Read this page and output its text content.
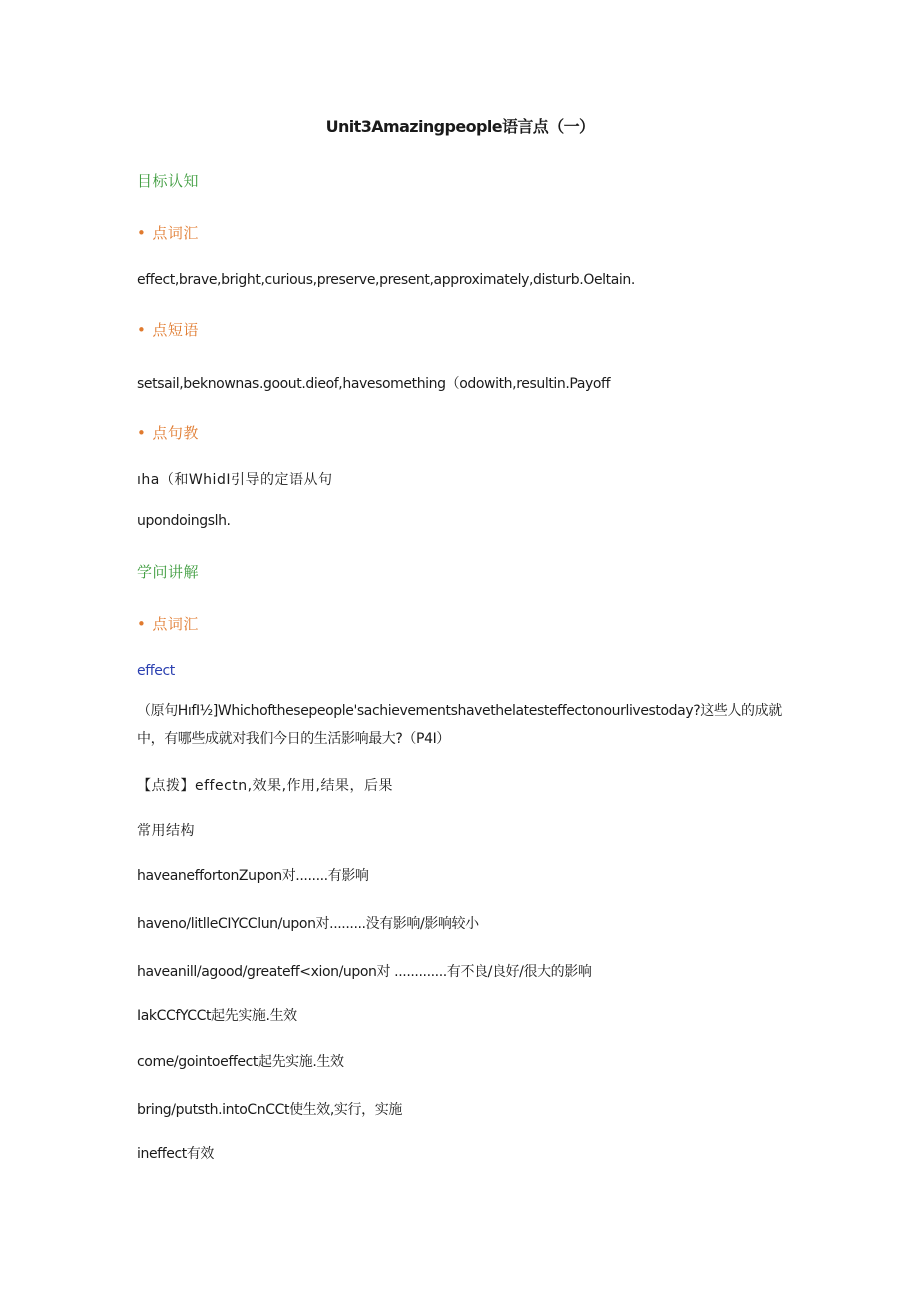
Unit3Amazingpeople语言点（一）
目标认知
• 点词汇
effect,brave,bright,curious,preserve,present,approximately,disturb.Oeltain.
• 点短语
setsail,beknownas.goout.dieof,havesomething（odowith,resultin.Payoff
• 点句教
ıha（和WhidI引导的定语从句
upondoingslh.
学问讲解
• 点词汇
effect
（原句HıfI½]Whichofthesepeople'sachievementshavethelatesteffectonourlivestoday?这些人的成就中，有哪些成就对我们今日的生活影响最大?（P4I）
【点拨】effectn,效果,作用,结果，后果
常用结构
haveaneffortonZupon对........有影响
haveno/litlleCIYCClun/upon对.........没有影响/影响较小
haveanill/agood/greateff<xion/upon对 .............有不良/良好/很大的影响
IakCCfYCCt起先实施.生效
come/gointoeffect起先实施.生效
bring/putsth.intoCnCCt使生效,实行，实施
ineffect有效
